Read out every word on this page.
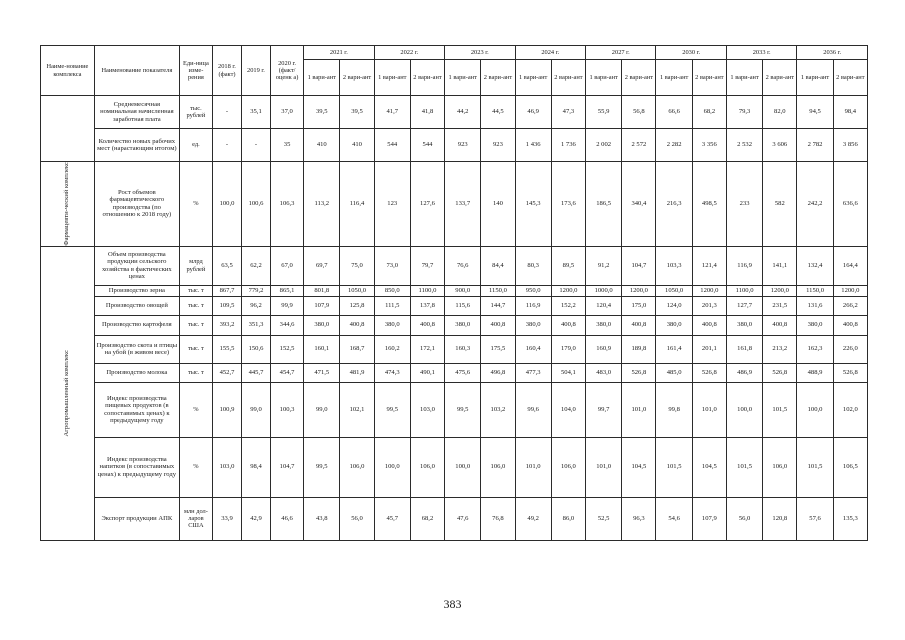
Наиме-нование комплекса	Наименование показателя	Еди-ница изме-рения	2018 г. (факт)	2019 г.	2020 г. (факт/ оценк а)	2021 г.		2022 г.		2023 г.		2024 г.		2027 г.		2030 г.		2033 г.		2036 г.	
						1 вари-ант	2 вари-ант	1 вари-ант	2 вари-ант	1 вари-ант	2 вари-ант	1 вари-ант	2 вари-ант	1 вари-ант	2 вари-ант	1 вари-ант	2 вари-ант	1 вари-ант	2 вари-ант	1 вари-ант	2 вари-ант
	Среднемесячная номинальная начисленная заработная плата	тыс. рублей	-	35,1	37,0	39,5	39,5	41,7	41,8	44,2	44,5	46,9	47,3	55,9	56,8	66,6	68,2	79,3	82,0	94,5	98,4
	Количество новых рабочих мест (нарастающим итогом)	ед.	-	-	35	410	410	544	544	923	923	1 436	1 736	2 002	2 572	2 282	3 356	2 532	3 606	2 782	3 856

Фармацевти-ческий комплекс	Рост объемов фармацевтического производства (по отношению к 2018 году)	%	100,0	100,6	106,3	113,2	116,4	123	127,6	133,7	140	145,3	173,6	186,5	340,4	216,3	498,5	233	582	242,2	636,6

Агропромышленный комплекс	Объем производства продукции сельского хозяйства в фактических ценах	млрд рублей	63,5	62,2	67,0	69,7	75,0	73,0	79,7	76,6	84,4	80,3	89,5	91,2	104,7	103,3	121,4	116,9	141,1	132,4	164,4
	Производство зерна	тыс. т	867,7	779,2	865,1	801,8	1050,0	850,0	1100,0	900,0	1150,0	950,0	1200,0	1000,0	1200,0	1050,0	1200,0	1100,0	1200,0	1150,0	1200,0
	Производство овощей	тыс. т	109,5	96,2	99,9	107,9	125,8	111,5	137,8	115,6	144,7	116,9	152,2	120,4	175,0	124,0	201,3	127,7	231,5	131,6	266,2
	Производство картофеля	тыс. т	393,2	351,3	344,6	380,0	400,8	380,0	400,8	380,0	400,8	380,0	400,8	380,0	400,8	380,0	400,8	380,0	400,8	380,0	400,8
	Производство скота и птицы на убой (в живом весе)	тыс. т	155,5	150,6	152,5	160,1	168,7	160,2	172,1	160,3	175,5	160,4	179,0	160,9	189,8	161,4	201,1	161,8	213,2	162,3	226,0
	Производство молока	тыс. т	452,7	445,7	454,7	471,5	481,9	474,3	490,1	475,6	496,8	477,3	504,1	483,0	526,8	485,0	526,8	486,9	526,8	488,9	526,8
	Индекс производства пищевых продуктов (в сопоставимых ценах) к предыдущему году	%	100,9	99,0	100,3	99,0	102,1	99,5	103,0	99,5	103,2	99,6	104,0	99,7	101,0	99,8	101,0	100,0	101,5	100,0	102,0
	Индекс производства напитков (в сопоставимых ценах) к предыдущему году	%	103,0	98,4	104,7	99,5	106,0	100,0	106,0	100,0	106,0	101,0	106,0	101,0	104,5	101,5	104,5	101,5	106,0	101,5	106,5
	Экспорт продукции АПК	млн дол-ларов США	33,9	42,9	46,6	43,8	56,0	45,7	68,2	47,6	76,8	49,2	86,0	52,5	96,3	54,6	107,9	56,0	120,8	57,6	135,3
383
